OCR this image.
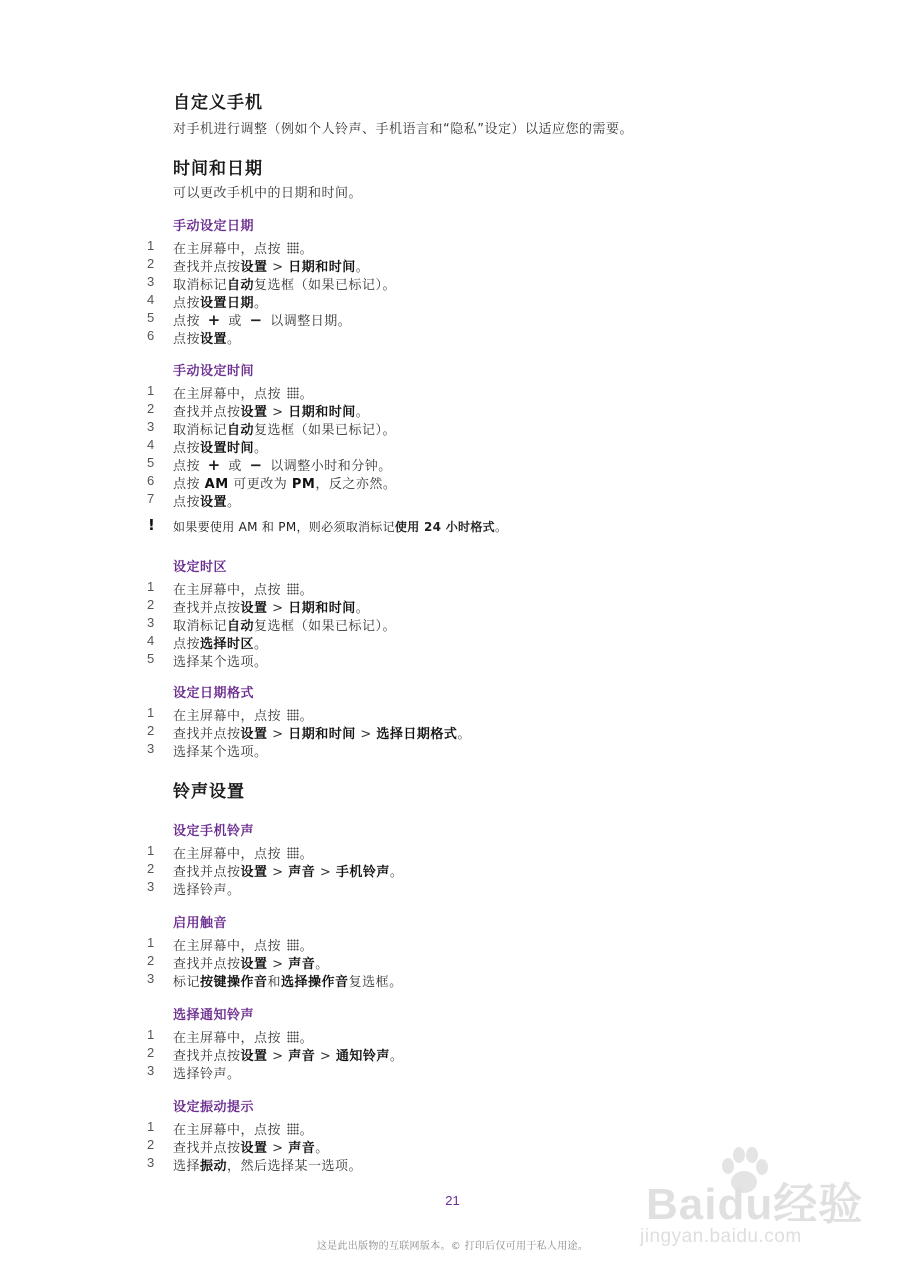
自定义手机
对手机进行调整（例如个人铃声、手机语言和“隐私”设定）以适应您的需要。
时间和日期
可以更改手机中的日期和时间。
铃声设置
手动设定日期
1	在主屏幕中，点按 。
2	查找并点按设置 > 日期和时间。
3	取消标记自动复选框（如果已标记）。
4	点按设置日期。
5	点按 + 或 − 以调整日期。
6	点按设置。
手动设定时间
1	在主屏幕中，点按 。
2	查找并点按设置 > 日期和时间。
3	取消标记自动复选框（如果已标记）。
4	点按设置时间。
5	点按 + 或 − 以调整小时和分钟。
6	点按 AM 可更改为 PM，反之亦然。
7	点按设置。
! 如果要使用 AM 和 PM，则必须取消标记使用 24 小时格式。
设定时区
1	在主屏幕中，点按 。
2	查找并点按设置 > 日期和时间。
3	取消标记自动复选框（如果已标记）。
4	点按选择时区。
5	选择某个选项。
设定日期格式
1	在主屏幕中，点按 。
2	查找并点按设置 > 日期和时间 > 选择日期格式。
3	选择某个选项。
设定手机铃声
1	在主屏幕中，点按 。
2	查找并点按设置 > 声音 > 手机铃声。
3	选择铃声。
启用触音
1	在主屏幕中，点按 。
2	查找并点按设置 > 声音。
3	标记按键操作音和选择操作音复选框。
选择通知铃声
1	在主屏幕中，点按 。
2	查找并点按设置 > 声音 > 通知铃声。
3	选择铃声。
设定振动提示
1	在主屏幕中，点按 。
2	查找并点按设置 > 声音。
3	选择振动，然后选择某一选项。
21
这是此出版物的互联网版本。© 打印后仅可用于私人用途。
Baidu经验
jingyan.baidu.com
